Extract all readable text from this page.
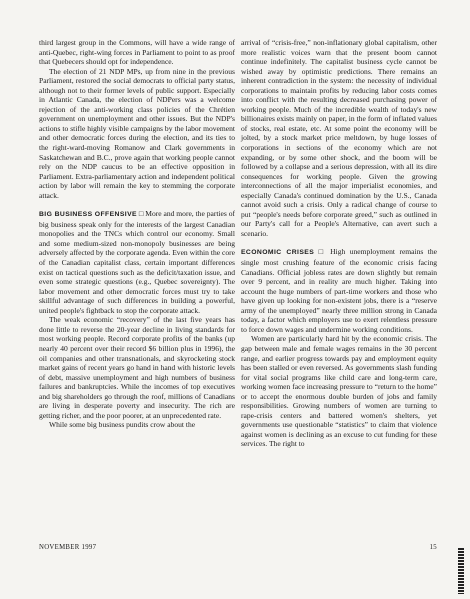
third largest group in the Commons, will have a wide range of anti-Quebec, right-wing forces in Parliament to point to as proof that Quebecers should opt for independence.

The election of 21 NDP MPs, up from nine in the previous Parliament, restored the social democrats to official party status, although not to their former levels of public support. Especially in Atlantic Canada, the election of NDPers was a welcome rejection of the anti-working class policies of the Chrétien government on unemployment and other issues. But the NDP's actions to stifle highly visible campaigns by the labor movement and other democratic forces during the election, and its ties to the right-ward-moving Romanow and Clark governments in Saskatchewan and B.C., prove again that working people cannot rely on the NDP caucus to be an effective opposition in Parliament. Extra-parliamentary action and independent political action by labor will remain the key to stemming the corporate attack.

BIG BUSINESS OFFENSIVE □ More and more, the parties of big business speak only for the interests of the largest Canadian monopolies and the TNCs which control our economy. Small and some medium-sized non-monopoly businesses are being adversely affected by the corporate agenda. Even within the core of the Canadian capitalist class, certain important differences exist on tactical questions such as the deficit/taxation issue, and even some strategic questions (e.g., Quebec sovereignty). The labor movement and other democratic forces must try to take skillful advantage of such differences in building a powerful, united people's fightback to stop the corporate attack.

The weak economic “recovery” of the last five years has done little to reverse the 20-year decline in living standards for most working people. Record corporate profits of the banks (up nearly 40 percent over their record $6 billion plus in 1996), the oil companies and other transnationals, and skyrocketing stock market gains of recent years go hand in hand with historic levels of debt, massive unemployment and high numbers of business failures and bankruptcies. While the incomes of top executives and big shareholders go through the roof, millions of Canadians are living in desperate poverty and insecurity. The rich are getting richer, and the poor poorer, at an unprecedented rate.

While some big business pundits crow about the

arrival of “crisis-free,” non-inflationary global capitalism, other more realistic voices warn that the present boom cannot continue indefinitely. The capitalist business cycle cannot be wished away by optimistic predictions. There remains an inherent contradiction in the system: the necessity of individual corporations to maintain profits by reducing labor costs comes into conflict with the resulting decreased purchasing power of working people. Much of the incredible wealth of today's new billionaires exists mainly on paper, in the form of inflated values of stocks, real estate, etc. At some point the economy will be jolted, by a stock market price meltdown, by huge losses of corporations in sections of the economy which are not expanding, or by some other shock, and the boom will be followed by a collapse and a serious depression, with all its dire consequences for working people. Given the growing interconnections of all the major imperialist economies, and especially Canada's continued domination by the U.S., Canada cannot avoid such a crisis. Only a radical change of course to put “people's needs before corporate greed,” such as outlined in our Party's call for a People's Alternative, can avert such a scenario.

ECONOMIC CRISES □ High unemployment remains the single most crushing feature of the economic crisis facing Canadians. Official jobless rates are down slightly but remain over 9 percent, and in reality are much higher. Taking into account the huge numbers of part-time workers and those who have given up looking for non-existent jobs, there is a “reserve army of the unemployed” nearly three million strong in Canada today, a factor which employers use to exert relentless pressure to force down wages and undermine working conditions.

Women are particularly hard hit by the economic crisis. The gap between male and female wages remains in the 30 percent range, and earlier progress towards pay and employment equity has been stalled or even reversed. As governments slash funding for vital social programs like child care and long-term care, working women face increasing pressure to “return to the home” or to accept the enormous double burden of jobs and family responsibilities. Growing numbers of women are turning to rape-crisis centers and battered women's shelters, yet governments use questionable “statistics” to claim that violence against women is declining as an excuse to cut funding for these services. The right to

NOVEMBER 1997	15
